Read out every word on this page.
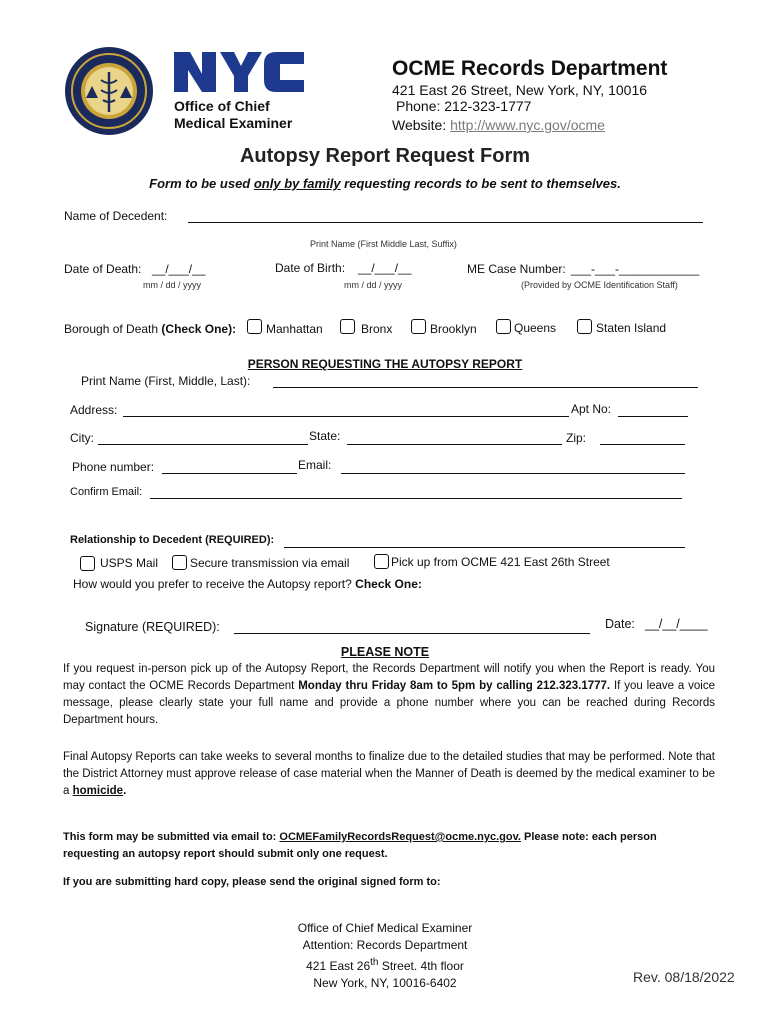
Office of Chief
Medical Examiner
OCME Records Department
421 East 26 Street, New York, NY, 10016
Phone: 212-323-1777
Website: http://www.nyc.gov/ocme
Autopsy Report Request Form
Form to be used only by family requesting records to be sent to themselves.
Name of Decedent:
Print Name (First Middle Last, Suffix)
Date of Death: __/___/__
mm / dd / yyyy
Date of Birth: __/___/__
mm / dd / yyyy
ME Case Number: ___-___-____________
(Provided by OCME Identification Staff)
Borough of Death (Check One): Manhattan	Bronx	Brooklyn	Queens	Staten Island
PERSON REQUESTING THE AUTOPSY REPORT
Print Name (First, Middle, Last):
Address:	Apt No:
City:	State:	Zip:
Phone number:	Email:
Confirm Email:
Relationship to Decedent (REQUIRED):
USPS Mail	Secure transmission via email	Pick up from OCME 421 East 26th Street
How would you prefer to receive the Autopsy report? Check One:
Signature (REQUIRED):	Date: __/__/____
PLEASE NOTE
If you request in-person pick up of the Autopsy Report, the Records Department will notify you when the Report is ready. You may contact the OCME Records Department Monday thru Friday 8am to 5pm by calling 212.323.1777. If you leave a voice message, please clearly state your full name and provide a phone number where you can be reached during Records Department hours.
Final Autopsy Reports can take weeks to several months to finalize due to the detailed studies that may be performed. Note that the District Attorney must approve release of case material when the Manner of Death is deemed by the medical examiner to be a homicide.
This form may be submitted via email to: OCMEFamilyRecordsRequest@ocme.nyc.gov. Please note: each person requesting an autopsy report should submit only one request.
If you are submitting hard copy, please send the original signed form to:
Office of Chief Medical Examiner
Attention: Records Department
421 East 26th Street. 4th floor
New York, NY, 10016-6402	Rev. 08/18/2022
